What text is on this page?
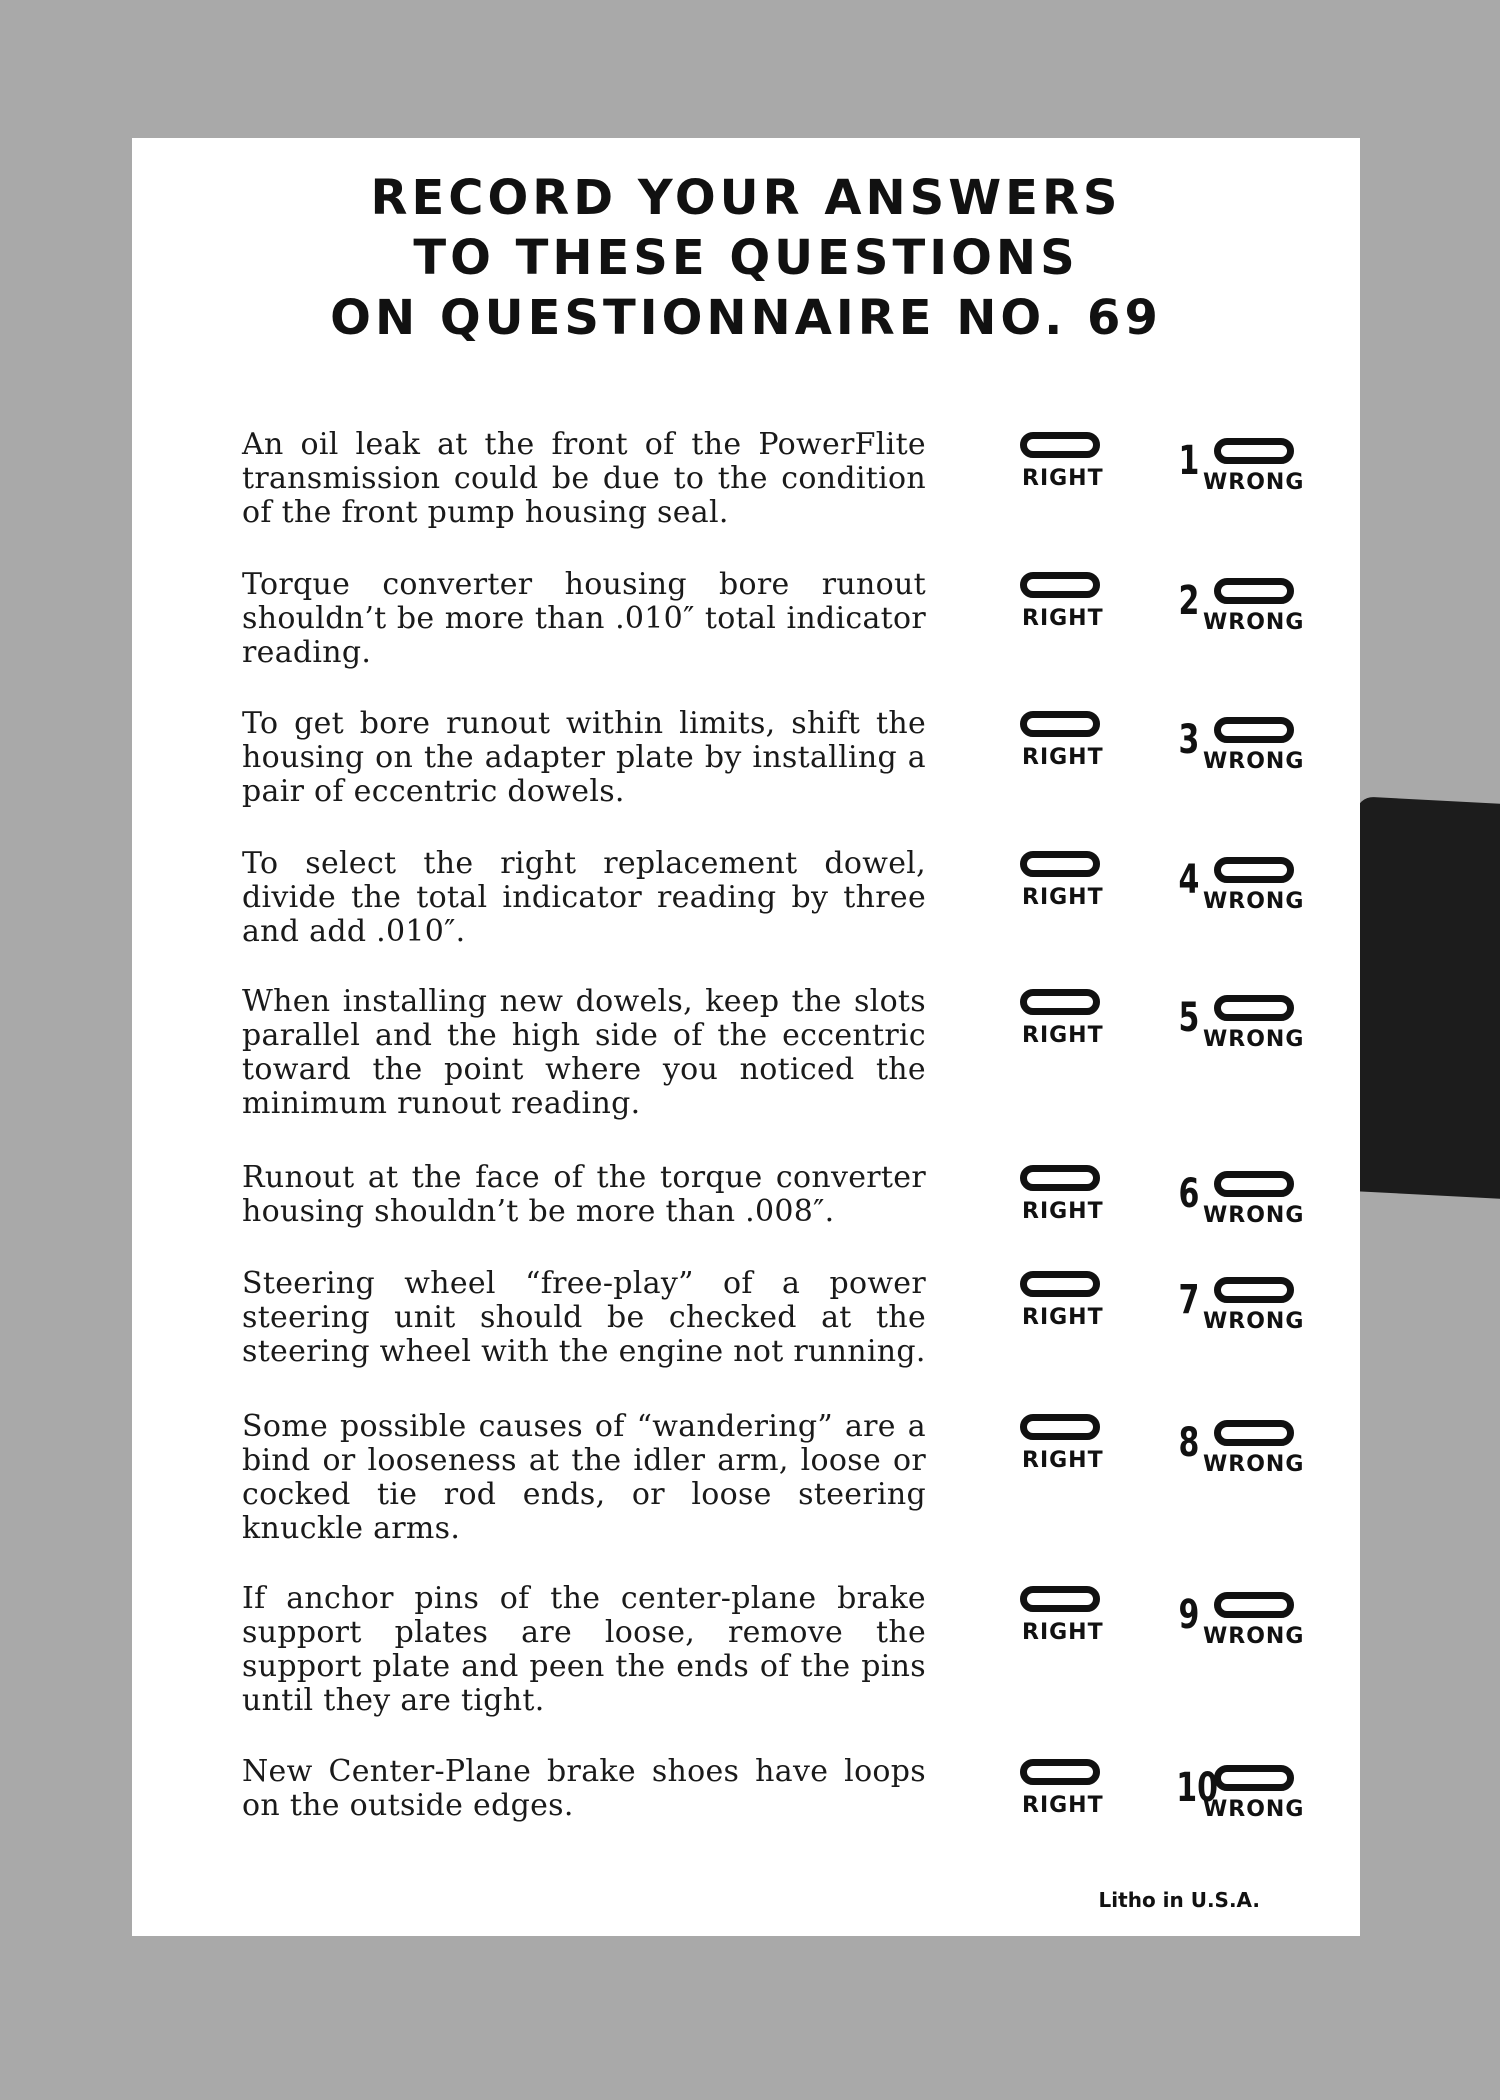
RECORD YOUR ANSWERS
TO THESE QUESTIONS
ON QUESTIONNAIRE NO. 69
An oil leak at the front of the PowerFlite transmission could be due to the condition of the front pump housing seal.
RIGHT 1 WRONG
Torque converter housing bore runout shouldn’t be more than .010″ total indicator reading.
RIGHT 2 WRONG
To get bore runout within limits, shift the housing on the adapter plate by installing a pair of eccentric dowels.
RIGHT 3 WRONG
To select the right replacement dowel, divide the total indicator reading by three and add .010″.
RIGHT 4 WRONG
When installing new dowels, keep the slots parallel and the high side of the eccentric toward the point where you noticed the minimum runout reading.
RIGHT 5 WRONG
Runout at the face of the torque converter housing shouldn’t be more than .008″.	RIGHT 6 WRONG
Steering wheel “free-play” of a power steering unit should be checked at the steering wheel with the engine not running.
RIGHT 7 WRONG
Some possible causes of “wandering” are a bind or looseness at the idler arm, loose or cocked tie rod ends, or loose steering knuckle arms.
RIGHT 8 WRONG
If anchor pins of the center-plane brake support plates are loose, remove the support plate and peen the ends of the pins until they are tight.
RIGHT 9 WRONG
New Center-Plane brake shoes have loops on the outside edges.	RIGHT 10
WRONG
Litho in U.S.A.
